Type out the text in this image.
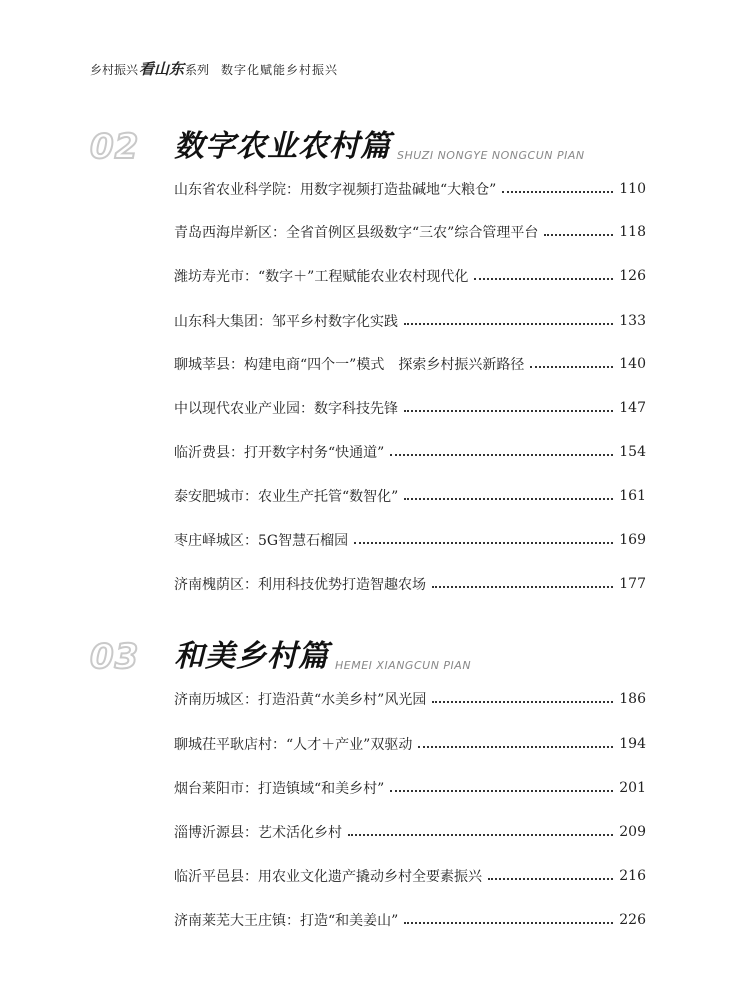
乡村振兴看山东系列 数字化赋能乡村振兴
02	数字农业农村篇 SHUZI NONGYE NONGCUN PIAN
山东省农业科学院：用数字视频打造盐碱地“大粮仓”	110
青岛西海岸新区：全省首例区县级数字“三农”综合管理平台	118
潍坊寿光市：“数字＋”工程赋能农业农村现代化	126
山东科大集团：邹平乡村数字化实践	133
聊城莘县：构建电商“四个一”模式　探索乡村振兴新路径	140
中以现代农业产业园：数字科技先锋	147
临沂费县：打开数字村务“快通道”	154
泰安肥城市：农业生产托管“数智化”	161
枣庄峄城区：5G智慧石榴园	169
济南槐荫区：利用科技优势打造智趣农场	177
03	和美乡村篇 HEMEI XIANGCUN PIAN
济南历城区：打造沿黄“水美乡村”风光园	186
聊城茌平耿店村：“人才＋产业”双驱动	194
烟台莱阳市：打造镇域“和美乡村”	201
淄博沂源县：艺术活化乡村	209
临沂平邑县：用农业文化遗产撬动乡村全要素振兴	216
济南莱芜大王庄镇：打造“和美姜山”	226
